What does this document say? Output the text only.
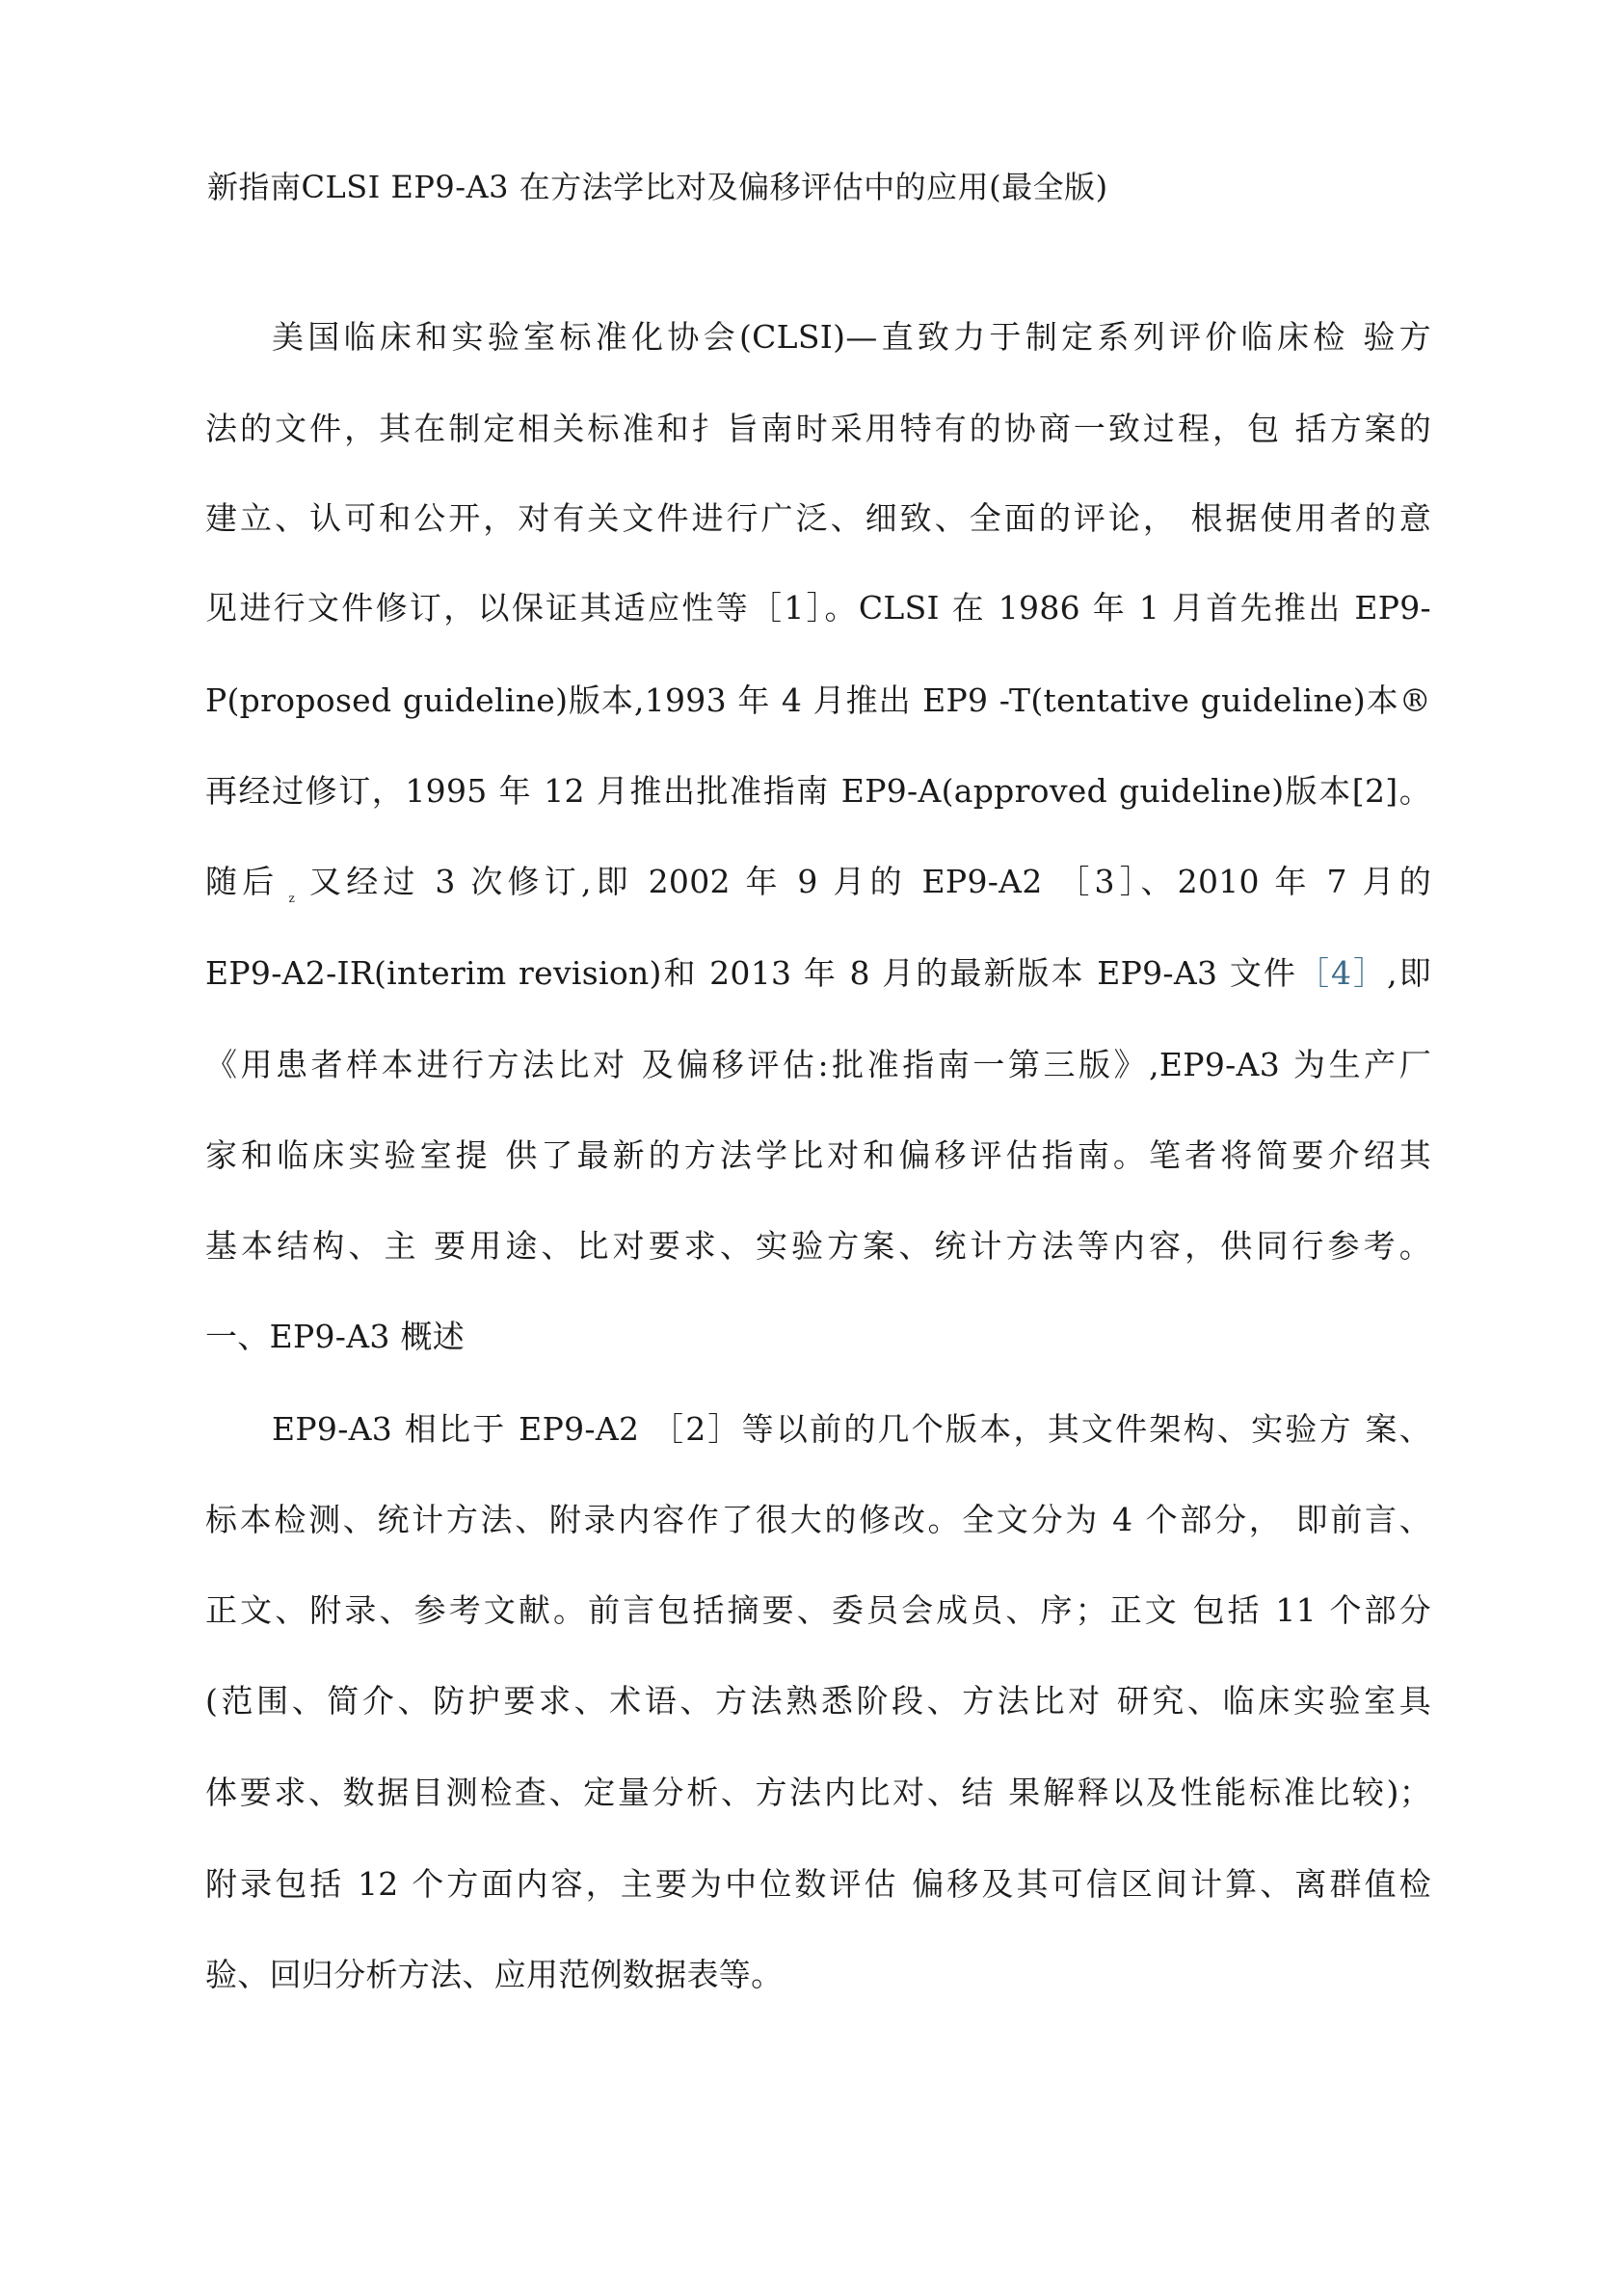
新指南CLSI EP9-A3 在方法学比对及偏移评估中的应用(最全版)
美国临床和实验室标准化协会(CLSI)—直致力于制定系列评价临床检 验方
法的文件，其在制定相关标准和扌旨南时采用特有的协商一致过程，包 括方案的
建立、认可和公开，对有关文件进行广泛、细致、全面的评论， 根据使用者的意
见进行文件修订，以保证其适应性等［1］。CLSI 在 1986 年 1 月首先推出 EP9-
P(proposed guideline)版本,1993 年 4 月推出 EP9 -T(tentative guideline)本®
再经过修订，1995 年 12 月推出批准指南 EP9-A(approved guideline)版本[2]。
随后 $_z$ 又经过 3 次修订,即 2002 年 9 月的 EP9-A2 ［3］、2010 年 7 月的
EP9-A2-IR(interim revision)和 2013 年 8 月的最新版本 EP9-A3 文件［4］,即
《用患者样本进行方法比对 及偏移评估:批准指南一第三版》,EP9-A3 为生产厂
家和临床实验室提 供了最新的方法学比对和偏移评估指南。笔者将简要介绍其
基本结构、主 要用途、比对要求、实验方案、统计方法等内容，供同行参考。
一、EP9-A3 概述
EP9-A3 相比于 EP9-A2 ［2］等以前的几个版本，其文件架构、实验方 案、
标本检测、统计方法、附录内容作了很大的修改。全文分为 4 个部分， 即前言、
正文、附录、参考文献。前言包括摘要、委员会成员、序；正文 包括 11 个部分
(范围、简介、防护要求、术语、方法熟悉阶段、方法比对 研究、临床实验室具
体要求、数据目测检查、定量分析、方法内比对、结 果解释以及性能标准比较)；
附录包括 12 个方面内容，主要为中位数评估 偏移及其可信区间计算、离群值检
验、回归分析方法、应用范例数据表等。
